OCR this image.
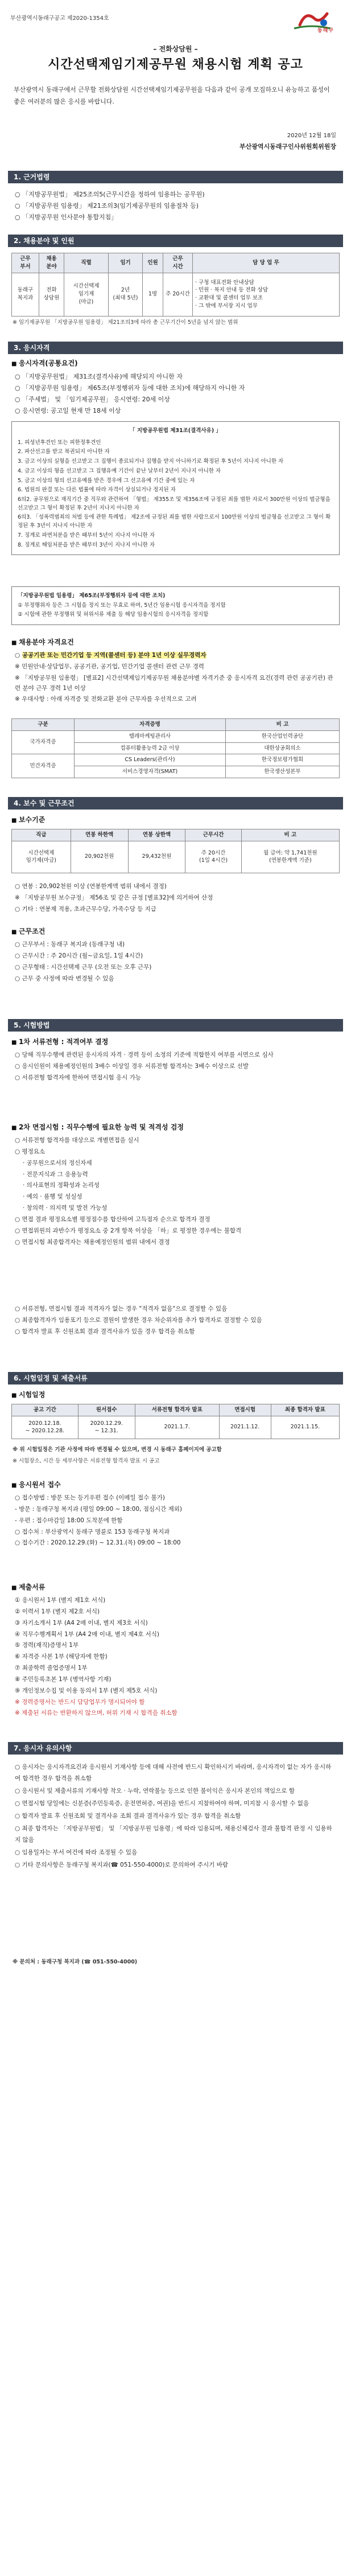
부산광역시동래구공고 제2020-1354호
동래구
– 전화상담원 –
시간선택제임기제공무원 채용시험 계획 공고
부산광역시 동래구에서 근무할 전화상담원 시간선택제임기제공무원을 다음과 같이 공개 모집하오니 유능하고 품성이 좋은 여러분의 많은 응시를 바랍니다.
2020년 12월 18일
부산광역시동래구인사위원회위원장
1. 근거법령
○ 「지방공무원법」 제25조의5(근무시간을 정하여 임용하는 공무원)
○ 「지방공무원 임용령」 제21조의3(임기제공무원의 임용절차 등)
○ 「지방공무원 인사분야 통합지침」
2. 채용분야 및 인원
근무
부서	채용
분야	직렬	임기	인원	근무
시간	담 당 업 무
동래구
복지과	전화
상담원	시간선택제
임기제
(마급)	2년
(최대 5년)	1명	주 20시간	· 구청 대표전화 안내상담
· 민원 · 복지 안내 등 전화 상담
· 교환대 및 콜센터 업무 보조
· 그 밖에 부서장 지시 업무
※ 임기제공무원 「지방공무원 임용령」 제21조의3에 따라 총 근무기간이 5년을 넘지 않는 범위
3. 응시자격
■ 응시자격(공통요건)
○ 「지방공무원법」 제31조(결격사유)에 해당되지 아니한 자
○ 「지방공무원 임용령」 제65조(부정행위자 등에 대한 조치)에 해당하지 아니한 자
○ 「주세법」 및 「임기제공무원」 응시연령: 20세 이상
○ 응시연령: 공고일 현재 만 18세 이상
「 지방공무원법 제31조(결격사유) 」
1. 피성년후견인 또는 피한정후견인
2. 파산선고를 받고 복권되지 아니한 자
3. 금고 이상의 실형을 선고받고 그 집행이 종료되거나 집행을 받지 아니하기로 확정된 후 5년이 지나지 아니한 자
4. 금고 이상의 형을 선고받고 그 집행유예 기간이 끝난 날부터 2년이 지나지 아니한 자
5. 금고 이상의 형의 선고유예를 받은 경우에 그 선고유예 기간 중에 있는 자
6. 법원의 판결 또는 다른 법률에 따라 자격이 상실되거나 정지된 자
6의2. 공무원으로 재직기간 중 직무와 관련하여 「형법」 제355조 및 제356조에 규정된 죄를 범한 자로서 300만원 이상의 벌금형을 선고받고 그 형이 확정된 후 2년이 지나지 아니한 자
6의3. 「성폭력범죄의 처벌 등에 관한 특례법」 제2조에 규정된 죄를 범한 사람으로서 100만원 이상의 벌금형을 선고받고 그 형이 확정된 후 3년이 지나지 아니한 자
7. 징계로 파면처분을 받은 때부터 5년이 지나지 아니한 자
8. 징계로 해임처분을 받은 때부터 3년이 지나지 아니한 자
「지방공무원법 임용령」 제65조(부정행위자 등에 대한 조치)
① 부정행위자 등은 그 시험을 정지 또는 무효로 하며, 5년간 임용시험 응시자격을 정지함
② 시험에 관한 부정행위 및 허위서류 제출 등 해당 임용시험의 응시자격을 정지함
■ 채용분야 자격요건
○ 공공기관 또는 민간기업 등 지역(콜센터 등) 분야 1년 이상 실무경력자
※ 민원안내·상담업무, 공공기관, 공기업, 민간기업 콜센터 관련 근무 경력
※ 「지방공무원 임용령」 [별표2] 시간선택제임기제공무원 채용분야별 자격기준 중 응시자격 요건(경력 관련 공공기관) 관련 분야 근무 경력 1년 이상
※ 우대사항 : 아래 자격증 및 전화교환 분야 근무자를 우선적으로 고려
구분	자격증명	비 고
국가자격증	텔레마케팅관리사	한국산업인력공단
	컴퓨터활용능력 2급 이상	대한상공회의소
민간자격증	CS Leaders(관리사)	한국정보평가협회
	서비스경영자격(SMAT)	한국생산성본부
4. 보수 및 근무조건
■ 보수기준
직급	연봉 하한액	연봉 상한액	근무시간	비 고
시간선택제
임기제(마급)	20,902천원	29,432천원	주 20시간
(1일 4시간)	월 급여: 약 1,741천원
(연봉한계액 기준)
○ 연봉 : 20,902천원 이상 (연봉한계액 범위 내에서 결정)
※ 「지방공무원 보수규정」 제56조 및 같은 규정 [별표32]에 의거하여 산정
○ 기타 : 연봉제 적용, 초과근무수당, 가족수당 등 지급
■ 근무조건
○ 근무부서 : 동래구 복지과 (동래구청 내)
○ 근무시간 : 주 20시간 (월~금요일, 1일 4시간)
○ 근무형태 : 시간선택제 근무 (오전 또는 오후 근무)
○ 근무 중 사정에 따라 변경될 수 있음
5. 시험방법
■ 1차 서류전형 : 적격여부 결정
○ 당해 직무수행에 관련된 응시자의 자격 · 경력 등이 소정의 기준에 적합한지 여부를 서면으로 심사
○ 응시인원이 채용예정인원의 3배수 이상일 경우 서류전형 합격자는 3배수 이상으로 선발
○ 서류전형 합격자에 한하여 면접시험 응시 가능
■ 2차 면접시험 : 직무수행에 필요한 능력 및 적격성 검정
○ 서류전형 합격자를 대상으로 개별면접을 실시
○ 평정요소
· 공무원으로서의 정신자세
· 전문지식과 그 응용능력
· 의사표현의 정확성과 논리성
· 예의 · 품행 및 성실성
· 창의력 · 의지력 및 발전 가능성
○ 면접 결과 평정요소별 평정점수를 합산하여 고득점자 순으로 합격자 결정
○ 면접위원의 과반수가 평정요소 중 2개 항목 이상을 「하」로 평정한 경우에는 불합격
○ 면접시험 최종합격자는 채용예정인원의 범위 내에서 결정
○ 서류전형, 면접시험 결과 적격자가 없는 경우 "적격자 없음"으로 결정할 수 있음
○ 최종합격자가 임용포기 등으로 결원이 발생한 경우 차순위자를 추가 합격자로 결정할 수 있음
○ 합격자 발표 후 신원조회 결과 결격사유가 있을 경우 합격을 취소함
6. 시험일정 및 제출서류
■ 시험일정
공고 기간	원서접수	서류전형 합격자 발표	면접시험	최종 합격자 발표
2020.12.18.
~ 2020.12.28.	2020.12.29.
~ 12.31.	2021.1.7.	2021.1.12.	2021.1.15.
※ 위 시험일정은 기관 사정에 따라 변경될 수 있으며, 변경 시 동래구 홈페이지에 공고함
※ 시험장소, 시간 등 세부사항은 서류전형 합격자 발표 시 공고
■ 응시원서 접수
○ 접수방법 : 방문 또는 등기우편 접수 (이메일 접수 불가)
- 방문 : 동래구청 복지과 (평일 09:00 ~ 18:00, 점심시간 제외)
- 우편 : 접수마감일 18:00 도착분에 한함
○ 접수처 : 부산광역시 동래구 명륜로 153 동래구청 복지과
○ 접수기간 : 2020.12.29.(화) ~ 12.31.(목) 09:00 ~ 18:00
■ 제출서류
① 응시원서 1부 (별지 제1호 서식)
② 이력서 1부 (별지 제2호 서식)
③ 자기소개서 1부 (A4 2매 이내, 별지 제3호 서식)
④ 직무수행계획서 1부 (A4 2매 이내, 별지 제4호 서식)
⑤ 경력(재직)증명서 1부
⑥ 자격증 사본 1부 (해당자에 한함)
⑦ 최종학력 졸업증명서 1부
⑧ 주민등록초본 1부 (병역사항 기재)
⑨ 개인정보수집 및 이용 동의서 1부 (별지 제5호 서식)
※ 경력증명서는 반드시 담당업무가 명시되어야 함
※ 제출된 서류는 반환하지 않으며, 허위 기재 시 합격을 취소함
7. 응시자 유의사항
○ 응시자는 응시자격요건과 응시원서 기재사항 등에 대해 사전에 반드시 확인하시기 바라며, 응시자격이 없는 자가 응시하여 합격한 경우 합격을 취소함
○ 응시원서 및 제출서류의 기재사항 착오 · 누락, 연락불능 등으로 인한 불이익은 응시자 본인의 책임으로 함
○ 면접시험 당일에는 신분증(주민등록증, 운전면허증, 여권)을 반드시 지참하여야 하며, 미지참 시 응시할 수 없음
○ 합격자 발표 후 신원조회 및 결격사유 조회 결과 결격사유가 있는 경우 합격을 취소함
○ 최종 합격자는 「지방공무원법」 및 「지방공무원 임용령」에 따라 임용되며, 채용신체검사 결과 불합격 판정 시 임용하지 않음
○ 임용일자는 부서 여건에 따라 조정될 수 있음
○ 기타 문의사항은 동래구청 복지과(☎ 051-550-4000)로 문의하여 주시기 바람
※ 문의처 : 동래구청 복지과 (☎ 051-550-4000)
